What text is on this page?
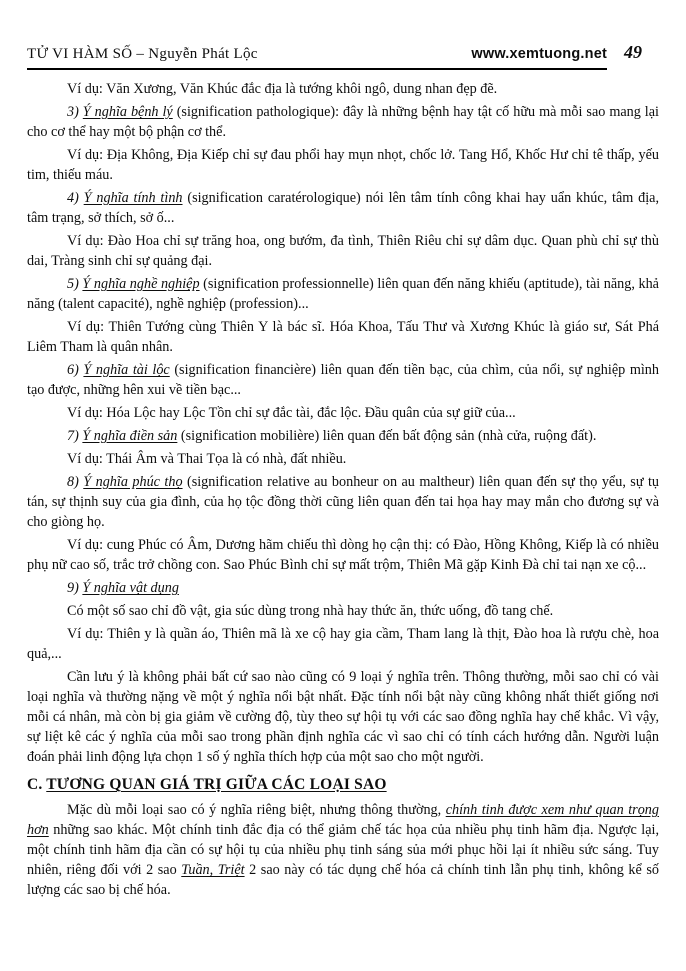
TỬ VI HÀM SỐ – Nguyễn Phát Lộc	www.xemtuong.net 49

Ví dụ: Văn Xương, Văn Khúc đắc địa là tướng khôi ngô, dung nhan đẹp đẽ.

3) Ý nghĩa bệnh lý (signification pathologique): đây là những bệnh hay tật cố hữu mà mỗi sao mang lại cho cơ thể hay một bộ phận cơ thể.

Ví dụ: Địa Không, Địa Kiếp chỉ sự đau phổi hay mụn nhọt, chốc lở. Tang Hổ, Khốc Hư chỉ tê thấp, yếu tim, thiếu máu.

4) Ý nghĩa tính tình (signification caratérologique) nói lên tâm tính công khai hay uẩn khúc, tâm địa, tâm trạng, sở thích, sở ố...

Ví dụ: Đào Hoa chỉ sự trăng hoa, ong bướm, đa tình, Thiên Riêu chỉ sự dâm dục. Quan phù chỉ sự thù dai, Tràng sinh chỉ sự quảng đại.

5) Ý nghĩa nghề nghiệp (signification professionnelle) liên quan đến năng khiếu (aptitude), tài năng, khả năng (talent capacité), nghề nghiệp (profession)...

Ví dụ: Thiên Tướng cùng Thiên Y là bác sĩ. Hóa Khoa, Tấu Thư và Xương Khúc là giáo sư, Sát Phá Liêm Tham là quân nhân.

6) Ý nghĩa tài lộc (signification financière) liên quan đến tiền bạc, của chìm, của nổi, sự nghiệp mình tạo được, những hên xui về tiền bạc...

Ví dụ: Hóa Lộc hay Lộc Tồn chỉ sự đắc tài, đắc lộc. Đầu quân của sự giữ của...

7) Ý nghĩa điền sản (signification mobilière) liên quan đến bất động sản (nhà cửa, ruộng đất).

Ví dụ: Thái Âm và Thai Tọa là có nhà, đất nhiều.

8) Ý nghĩa phúc thọ (signification relative au bonheur on au maltheur) liên quan đến sự thọ yểu, sự tụ tán, sự thịnh suy của gia đình, của họ tộc đồng thời cũng liên quan đến tai họa hay may mắn cho đương sự và cho giòng họ.

Ví dụ: cung Phúc có Âm, Dương hãm chiếu thì dòng họ cận thị: có Đào, Hồng Không, Kiếp là có nhiều phụ nữ cao số, trắc trở chồng con. Sao Phúc Bình chỉ sự mất trộm, Thiên Mã gặp Kinh Đà chỉ tai nạn xe cộ...

9) Ý nghĩa vật dụng

Có một số sao chỉ đồ vật, gia súc dùng trong nhà hay thức ăn, thức uống, đồ tang chế.

Ví dụ: Thiên y là quần áo, Thiên mã là xe cộ hay gia cầm, Tham lang là thịt, Đào hoa là rượu chè, hoa quả,...

Cần lưu ý là không phải bất cứ sao nào cũng có 9 loại ý nghĩa trên. Thông thường, mỗi sao chỉ có vài loại nghĩa và thường nặng về một ý nghĩa nổi bật nhất. Đặc tính nổi bật này cũng không nhất thiết giống nơi mỗi cá nhân, mà còn bị gia giảm về cường độ, tùy theo sự hội tụ với các sao đồng nghĩa hay chế khắc. Vì vậy, sự liệt kê các ý nghĩa của mỗi sao trong phần định nghĩa các vì sao chỉ có tính cách hướng dẫn. Người luận đoán phải linh động lựa chọn 1 số ý nghĩa thích hợp của một sao cho một người.

C. TƯƠNG QUAN GIÁ TRỊ GIỮA CÁC LOẠI SAO

Mặc dù mỗi loại sao có ý nghĩa riêng biệt, nhưng thông thường, chính tinh được xem như quan trọng hơn những sao khác. Một chính tinh đắc địa có thể giảm chế tác họa của nhiều phụ tinh hãm địa. Ngược lại, một chính tinh hãm địa cần có sự hội tụ của nhiều phụ tinh sáng sủa mới phục hồi lại ít nhiều sức sáng. Tuy nhiên, riêng đối với 2 sao Tuần, Triệt 2 sao này có tác dụng chế hóa cả chính tinh lẫn phụ tinh, không kể số lượng các sao bị chế hóa.
